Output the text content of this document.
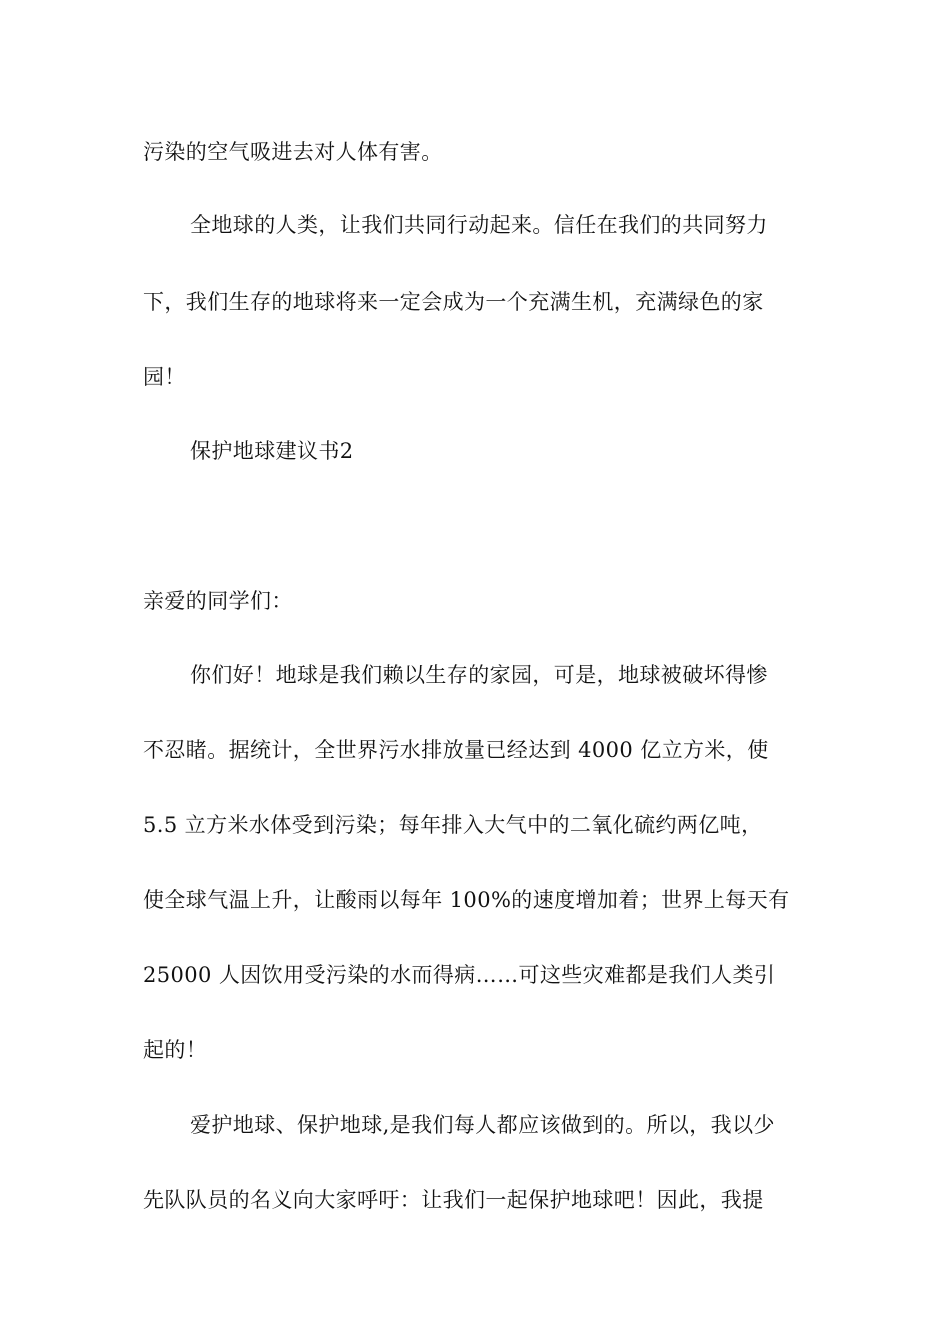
污染的空气吸进去对人体有害。
全地球的人类，让我们共同行动起来。信任在我们的共同努力
下，我们生存的地球将来一定会成为一个充满生机，充满绿色的家
园！
保护地球建议书2
亲爱的同学们：
你们好！地球是我们赖以生存的家园，可是，地球被破坏得惨
不忍睹。据统计，全世界污水排放量已经达到 4000 亿立方米，使
5.5 立方米水体受到污染；每年排入大气中的二氧化硫约两亿吨，
使全球气温上升，让酸雨以每年 100%的速度增加着；世界上每天有
25000 人因饮用受污染的水而得病……可这些灾难都是我们人类引
起的！
爱护地球、保护地球,是我们每人都应该做到的。所以，我以少
先队队员的名义向大家呼吁：让我们一起保护地球吧！因此，我提
